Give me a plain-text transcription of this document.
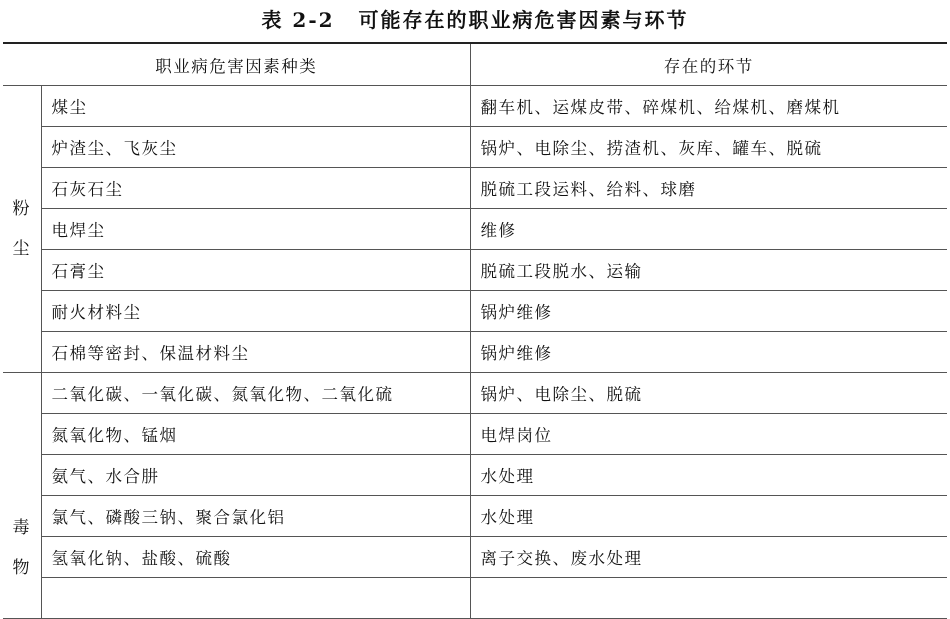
表 2-2 可能存在的职业病危害因素与环节
职业病危害因素种类		存在的环节

粉
尘	煤尘	翻车机、运煤皮带、碎煤机、给煤机、磨煤机
	炉渣尘、飞灰尘	锅炉、电除尘、捞渣机、灰库、罐车、脱硫
	石灰石尘	脱硫工段运料、给料、球磨
	电焊尘	维修
	石膏尘	脱硫工段脱水、运输
	耐火材料尘	锅炉维修
	石棉等密封、保温材料尘	锅炉维修

毒
物	二氧化碳、一氧化碳、氮氧化物、二氧化硫	锅炉、电除尘、脱硫
	氮氧化物、锰烟	电焊岗位
	氨气、水合肼	水处理
	氯气、磷酸三钠、聚合氯化铝	水处理
	氢氧化钠、盐酸、硫酸	离子交换、废水处理
